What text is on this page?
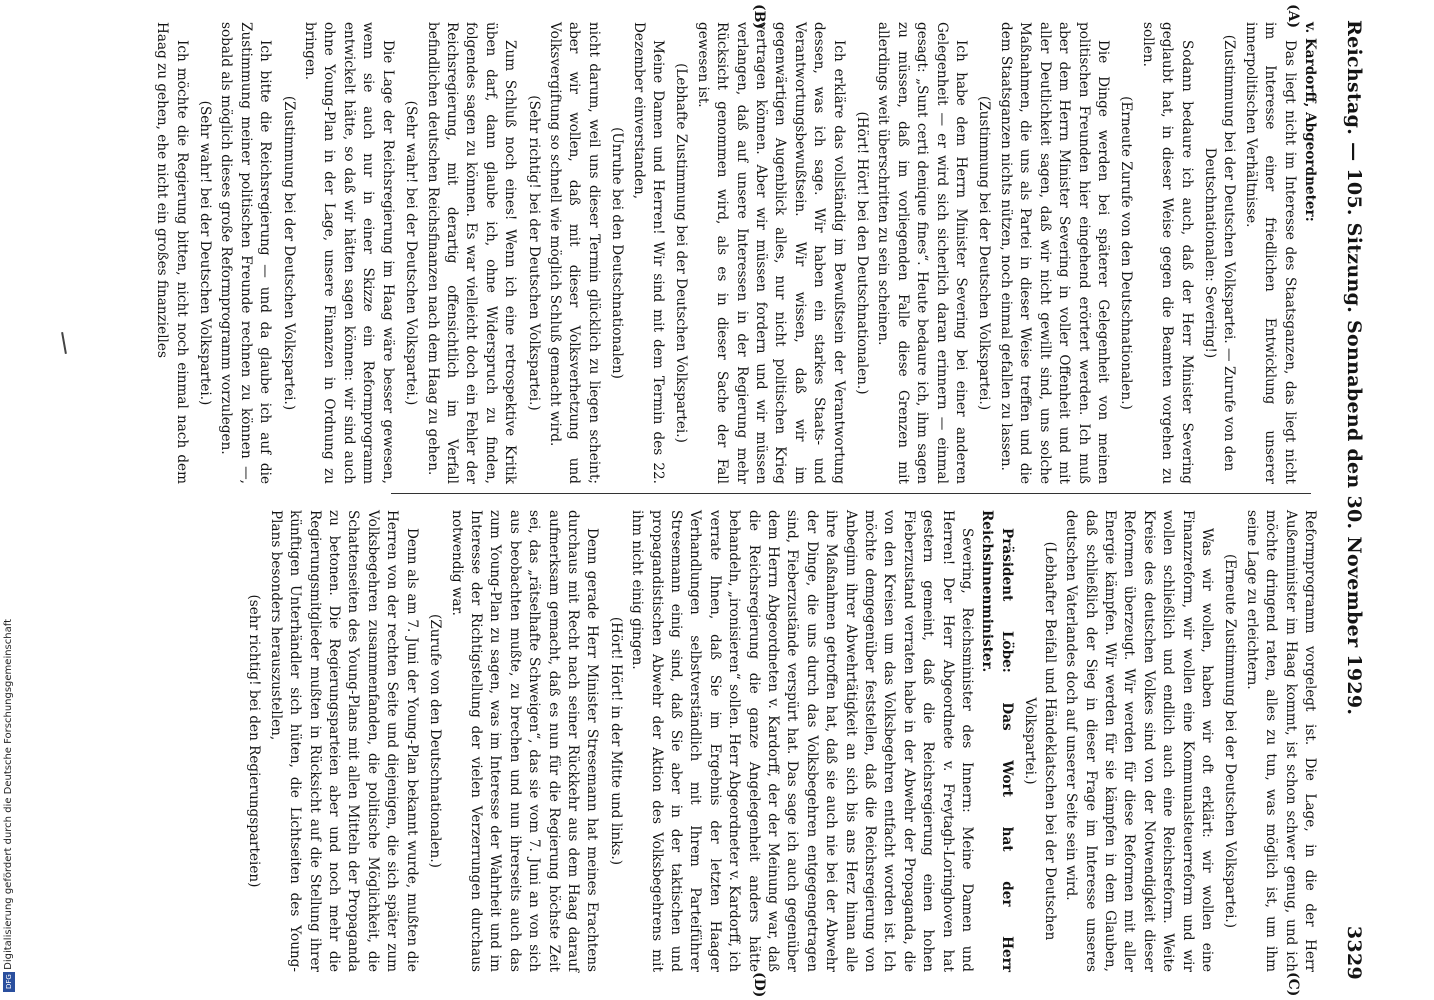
Reichstag. — 105. Sitzung. Sonnabend den 30. November 1929.
3329
(A)
(B)
(C)
(D)

v. Kardorff, Abgeordneter:

Das liegt nicht im Interesse des Staatsganzen, das liegt nicht im Interesse einer friedlichen Entwicklung unserer innerpolitischen Verhältnisse.

(Zustimmung bei der Deutschen Volkspartei. — Zurufe von den Deutschnationalen: Severing!)

Sodann bedaure ich auch, daß der Herr Minister Severing geglaubt hat, in dieser Weise gegen die Beamten vorgehen zu sollen.

(Erneute Zurufe von den Deutschnationalen.)

Die Dinge werden bei späterer Gelegenheit von meinen politischen Freunden hier eingehend erörtert werden. Ich muß aber dem Herrn Minister Severing in voller Offenheit und mit aller Deutlichkeit sagen, daß wir nicht gewillt sind, uns solche Maßnahmen, die uns als Partei in dieser Weise treffen und die dem Staatsganzen nichts nützen, noch einmal gefallen zu lassen.

(Zustimmung bei der Deutschen Volkspartei.)

Ich habe dem Herrn Minister Severing bei einer anderen Gelegenheit — er wird sich sicherlich daran erinnern — einmal gesagt: „Sunt certi denique fines“. Heute bedaure ich, ihm sagen zu müssen, daß im vorliegenden Falle diese Grenzen mit allerdings weit überschritten zu sein scheinen.

(Hört! Hört! bei den Deutschnationalen.)

Ich erkläre das vollständig im Bewußtsein der Verantwortung dessen, was ich sage. Wir haben ein starkes Staats- und Verantwortungsbewußtsein. Wir wissen, daß wir im gegenwärtigen Augenblick alles, nur nicht politischen Krieg vertragen können. Aber wir müssen fordern und wir müssen verlangen, daß auf unsere Interessen in der Regierung mehr Rücksicht genommen wird, als es in dieser Sache der Fall gewesen ist.

(Lebhafte Zustimmung bei der Deutschen Volkspartei.)

Meine Damen und Herren! Wir sind mit dem Termin des 22. Dezember einverstanden,

(Unruhe bei den Deutschnationalen)

nicht darum, weil uns dieser Termin glücklich zu liegen scheint; aber wir wollen, daß mit dieser Volksverhetzung und Volksvergiftung so schnell wie möglich Schluß gemacht wird.

(Sehr richtig! bei der Deutschen Volkspartei.)

Zum Schluß noch eines! Wenn ich eine retrospektive Kritik üben darf, dann glaube ich, ohne Widerspruch zu finden, folgendes sagen zu können. Es war vielleicht doch ein Fehler der Reichsregierung, mit derartig offensichtlich im Verfall befindlichen deutschen Reichsfinanzen nach dem Haag zu gehen.

(Sehr wahr! bei der Deutschen Volkspartei.)

Die Lage der Reichsregierung im Haag wäre besser gewesen, wenn sie auch nur in einer Skizze ein Reformprogramm entwickelt hätte, so daß wir hätten sagen können: wir sind auch ohne Young-Plan in der Lage, unsere Finanzen in Ordnung zu bringen.

(Zustimmung bei der Deutschen Volkspartei.)

Ich bitte die Reichsregierung — und da glaube ich auf die Zustimmung meiner politischen Freunde rechnen zu können —, sobald als möglich dieses große Reformprogramm vorzulegen.

(Sehr wahr! bei der Deutschen Volkspartei.)

Ich möchte die Regierung bitten, nicht noch einmal nach dem Haag zu gehen, ehe nicht ein großes finanzielles

Reformprogramm vorgelegt ist. Die Lage, in die der Herr Außenminister im Haag kommt, ist schon schwer genug, und ich möchte dringend raten, alles zu tun, was möglich ist, um ihm seine Lage zu erleichtern.

(Erneute Zustimmung bei der Deutschen Volkspartei.)

Was wir wollen, haben wir oft erklärt: wir wollen eine Finanzreform, wir wollen eine Kommunalsteuerreform und wir wollen schließlich und endlich auch eine Reichsreform. Weite Kreise des deutschen Volkes sind von der Notwendigkeit dieser Reformen überzeugt. Wir werden für diese Reformen mit aller Energie kämpfen. Wir werden für sie kämpfen in dem Glauben, daß schließlich der Sieg in dieser Frage im Interesse unseres deutschen Vaterlandes doch auf unserer Seite sein wird.

(Lebhafter Beifall und Händeklatschen bei der Deutschen Volkspartei.)

Präsident Löbe: Das Wort hat der Herr Reichsinnenminister.

Severing, Reichsminister des Innern: Meine Damen und Herren! Der Herr Abgeordnete v. Freytagh-Loringhoven hat gestern gemeint, daß die Reichsregierung einen hohen Fieberzustand verraten habe in der Abwehr der Propaganda, die von den Kreisen um das Volksbegehren entfacht worden ist. Ich möchte demgegenüber feststellen, daß die Reichsregierung von Anbeginn ihrer Abwehrtätigkeit an sich bis ans Herz hinan alle ihre Maßnahmen getroffen hat, daß sie auch nie bei der Abwehr der Dinge, die uns durch das Volksbegehren entgegengetragen sind, Fieberzustände verspürt hat. Das sage ich auch gegenüber dem Herrn Abgeordneten v. Kardorff, der der Meinung war, daß die Reichsregierung die ganze Angelegenheit anders hätte behandeln, „ironisieren“ sollen. Herr Abgeordneter v. Kardorff, ich verrate Ihnen, daß Sie im Ergebnis der letzten Haager Verhandlungen selbstverständlich mit Ihrem Parteiführer Stresemann einig sind, daß Sie aber in der taktischen und propagandistischen Abwehr der Aktion des Volksbegehrens mit ihm nicht einig gingen.

(Hört! Hört! in der Mitte und links.)

Denn gerade Herr Minister Stresemann hat meines Erachtens durchaus mit Recht nach seiner Rückkehr aus dem Haag darauf aufmerksam gemacht, daß es nun für die Regierung höchste Zeit sei, das „rätselhafte Schweigen“, das sie vom 7. Juni an von sich aus beobachten mußte, zu brechen und nun ihrerseits auch das zum Young-Plan zu sagen, was im Interesse der Wahrheit und im Interesse der Richtigstellung der vielen Verzerrungen durchaus notwendig war.

(Zurufe von den Deutschnationalen.)

Denn als am 7. Juni der Young-Plan bekannt wurde, mußten die Herren von der rechten Seite und diejenigen, die sich später zum Volksbegehren zusammenfanden, die politische Möglichkeit, die Schattenseiten des Young-Plans mit allen Mitteln der Propaganda zu betonen. Die Regierungsparteien aber und noch mehr die Regierungsmitglieder mußten in Rücksicht auf die Stellung ihrer künftigen Unterhändler sich hüten, die Lichtseiten des Young-Plans besonders herauszustellen,

(sehr richtig! bei den Regierungsparteien)

Digitalisierung gefördert durch die Deutsche Forschungsgemeinschaft
DFG
